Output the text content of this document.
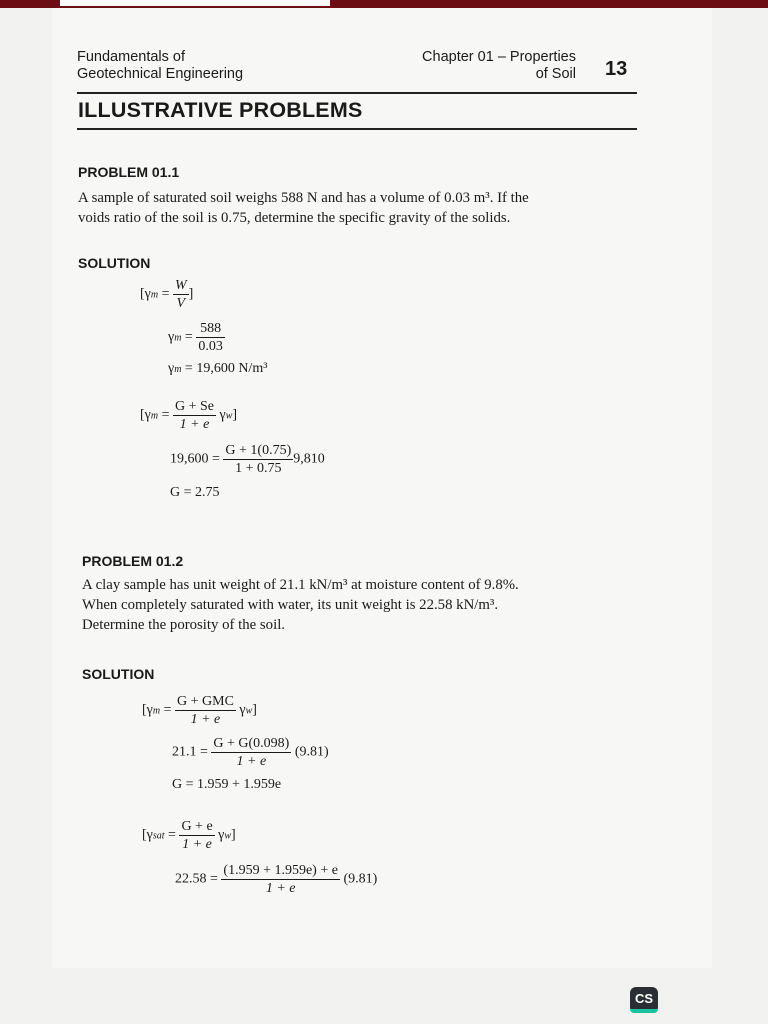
Fundamentals of
Geotechnical Engineering
Chapter 01 – Properties
of Soil 13
ILLUSTRATIVE PROBLEMS
PROBLEM 01.1
A sample of saturated soil weighs 588 N and has a volume of 0.03 m³. If the
voids ratio of the soil is 0.75, determine the specific gravity of the solids.
SOLUTION
[$\gamma m = \frac{W}{V}$ ]
$\gamma m = \frac{588}{0.03}$
γm = 19,600 N/m³
$[\gamma m = \frac{G + Se}{1 + e} \gamma w]$
$19,600 = \frac{G + 1(0.75)}{1 + 0.75} 9,810$
G = 2.75
PROBLEM 01.2
A clay sample has unit weight of 21.1 kN/m³ at moisture content of 9.8%.
When completely saturated with water, its unit weight is 22.58 kN/m³.
Determine the porosity of the soil.
SOLUTION
$[\gamma m = \frac{\text{G + GMC}}{1 + e} \gamma w]$
$21.1 = \frac{G + G(0.098)}{1 + e} (9.81)$
G = 1.959 + 1.959e
$[\gamma sat = \frac{G + e}{1 + e} \gamma w]$
$22.58 = \frac{(1.959 + 1.959e) + e}{1 + e} (9.81)$
CS
